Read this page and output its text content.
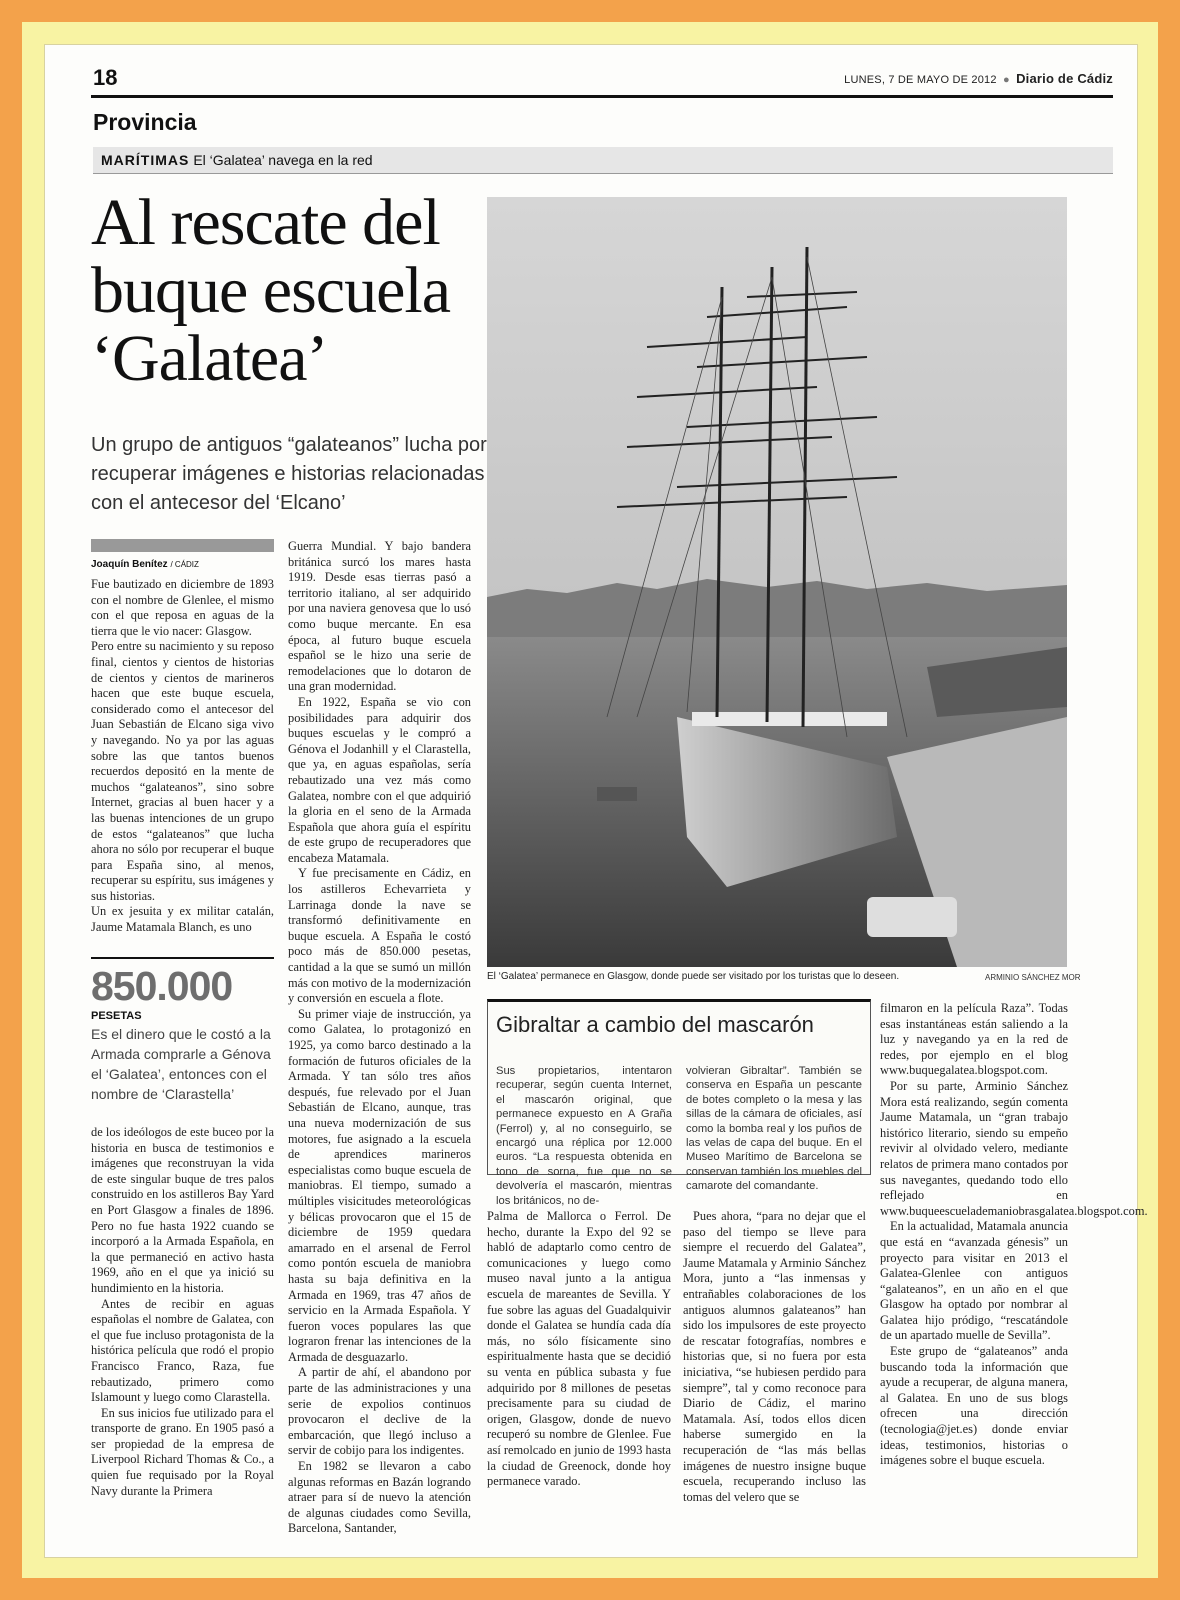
18	LUNES, 7 DE MAYO DE 2012 ● Diario de Cádiz
Provincia
MARÍTIMAS El ‘Galatea’ navega en la red
Al rescate del buque escuela ‘Galatea’
Un grupo de antiguos “galateanos” lucha por recuperar imágenes e historias relacionadas con el antecesor del ‘Elcano’
El ‘Galatea’ permanece en Glasgow, donde puede ser visitado por los turistas que lo deseen.	ARMINIO SÁNCHEZ MOR
Joaquín Benítez / CÁDIZ

Fue bautizado en diciembre de 1893 con el nombre de Glenlee, el mismo con el que reposa en aguas de la tierra que le vio nacer: Glasgow.

Pero entre su nacimiento y su reposo final, cientos y cientos de historias de cientos y cientos de marineros hacen que este buque escuela, considerado como el antecesor del Juan Sebastián de Elcano siga vivo y navegando. No ya por las aguas sobre las que tantos buenos recuerdos depositó en la mente de muchos “galateanos”, sino sobre Internet, gracias al buen hacer y a las buenas intenciones de un grupo de estos “galateanos” que lucha ahora no sólo por recuperar el buque para España sino, al menos, recuperar su espíritu, sus imágenes y sus historias.

Un ex jesuita y ex militar catalán, Jaume Matamala Blanch, es uno

850.000
PESETAS
Es el dinero que le costó a la Armada comprarle a Génova el ‘Galatea’, entonces con el nombre de ‘Clarastella’

de los ideólogos de este buceo por la historia en busca de testimonios e imágenes que reconstruyan la vida de este singular buque de tres palos construido en los astilleros Bay Yard en Port Glasgow a finales de 1896. Pero no fue hasta 1922 cuando se incorporó a la Armada Española, en la que permaneció en activo hasta 1969, año en el que ya inició su hundimiento en la historia.

Antes de recibir en aguas españolas el nombre de Galatea, con el que fue incluso protagonista de la histórica película que rodó el propio Francisco Franco, Raza, fue rebautizado, primero como Islamount y luego como Clarastella.

En sus inicios fue utilizado para el transporte de grano. En 1905 pasó a ser propiedad de la empresa de Liverpool Richard Thomas & Co., a quien fue requisado por la Royal Navy durante la Primera

Guerra Mundial. Y bajo bandera británica surcó los mares hasta 1919. Desde esas tierras pasó a territorio italiano, al ser adquirido por una naviera genovesa que lo usó como buque mercante. En esa época, al futuro buque escuela español se le hizo una serie de remodelaciones que lo dotaron de una gran modernidad.

En 1922, España se vio con posibilidades para adquirir dos buques escuelas y le compró a Génova el Jodanhill y el Clarastella, que ya, en aguas españolas, sería rebautizado una vez más como Galatea, nombre con el que adquirió la gloria en el seno de la Armada Española que ahora guía el espíritu de este grupo de recuperadores que encabeza Matamala.

Y fue precisamente en Cádiz, en los astilleros Echevarrieta y Larrinaga donde la nave se transformó definitivamente en buque escuela. A España le costó poco más de 850.000 pesetas, cantidad a la que se sumó un millón más con motivo de la modernización y conversión en escuela a flote.

Su primer viaje de instrucción, ya como Galatea, lo protagonizó en 1925, ya como barco destinado a la formación de futuros oficiales de la Armada. Y tan sólo tres años después, fue relevado por el Juan Sebastián de Elcano, aunque, tras una nueva modernización de sus motores, fue asignado a la escuela de aprendices marineros especialistas como buque escuela de maniobras. El tiempo, sumado a múltiples visicitudes meteorológicas y bélicas provocaron que el 15 de diciembre de 1959 quedara amarrado en el arsenal de Ferrol como pontón escuela de maniobra hasta su baja definitiva en la Armada en 1969, tras 47 años de servicio en la Armada Española. Y fueron voces populares las que lograron frenar las intenciones de la Armada de desguazarlo.

A partir de ahí, el abandono por parte de las administraciones y una serie de expolios continuos provocaron el declive de la embarcación, que llegó incluso a servir de cobijo para los indigentes.

En 1982 se llevaron a cabo algunas reformas en Bazán logrando atraer para sí de nuevo la atención de algunas ciudades como Sevilla, Barcelona, Santander,

Gibraltar a cambio del mascarón

Sus propietarios, intentaron recuperar, según cuenta Internet, el mascarón original, que permanece expuesto en A Graña (Ferrol) y, al no conseguirlo, se encargó una réplica por 12.000 euros. “La respuesta obtenida en tono de sorna, fue que no se devolvería el mascarón, mientras los británicos, no de-

volvieran Gibraltar”. También se conserva en España un pescante de botes completo o la mesa y las sillas de la cámara de oficiales, así como la bomba real y los puños de las velas de capa del buque. En el Museo Marítimo de Barcelona se conservan también los muebles del camarote del comandante.

Palma de Mallorca o Ferrol. De hecho, durante la Expo del 92 se habló de adaptarlo como centro de comunicaciones y luego como museo naval junto a la antigua escuela de mareantes de Sevilla. Y fue sobre las aguas del Guadalquivir donde el Galatea se hundía cada día más, no sólo físicamente sino espiritualmente hasta que se decidió su venta en pública subasta y fue adquirido por 8 millones de pesetas precisamente para su ciudad de origen, Glasgow, donde de nuevo recuperó su nombre de Glenlee. Fue así remolcado en junio de 1993 hasta la ciudad de Greenock, donde hoy permanece varado.

Pues ahora, “para no dejar que el paso del tiempo se lleve para siempre el recuerdo del Galatea”, Jaume Matamala y Arminio Sánchez Mora, junto a “las inmensas y entrañables colaboraciones de los antiguos alumnos galateanos” han sido los impulsores de este proyecto de rescatar fotografías, nombres e historias que, si no fuera por esta iniciativa, “se hubiesen perdido para siempre”, tal y como reconoce para Diario de Cádiz, el marino Matamala. Así, todos ellos dicen haberse sumergido en la recuperación de “las más bellas imágenes de nuestro insigne buque escuela, recuperando incluso las tomas del velero que se

filmaron en la película Raza”. Todas esas instantáneas están saliendo a la luz y navegando ya en la red de redes, por ejemplo en el blog www.buquegalatea.blogspot.com.

Por su parte, Arminio Sánchez Mora está realizando, según comenta Jaume Matamala, un “gran trabajo histórico literario, siendo su empeño revivir al olvidado velero, mediante relatos de primera mano contados por sus navegantes, quedando todo ello reflejado en www.buqueescuelademaniobrasgalatea.blogspot.com.

En la actualidad, Matamala anuncia que está en “avanzada génesis” un proyecto para visitar en 2013 el Galatea-Glenlee con antiguos “galateanos”, en un año en el que Glasgow ha optado por nombrar al Galatea hijo pródigo, “rescatándole de un apartado muelle de Sevilla”.

Este grupo de “galateanos” anda buscando toda la información que ayude a recuperar, de alguna manera, al Galatea. En uno de sus blogs ofrecen una dirección (tecnologia@jet.es) donde enviar ideas, testimonios, historias o imágenes sobre el buque escuela.
